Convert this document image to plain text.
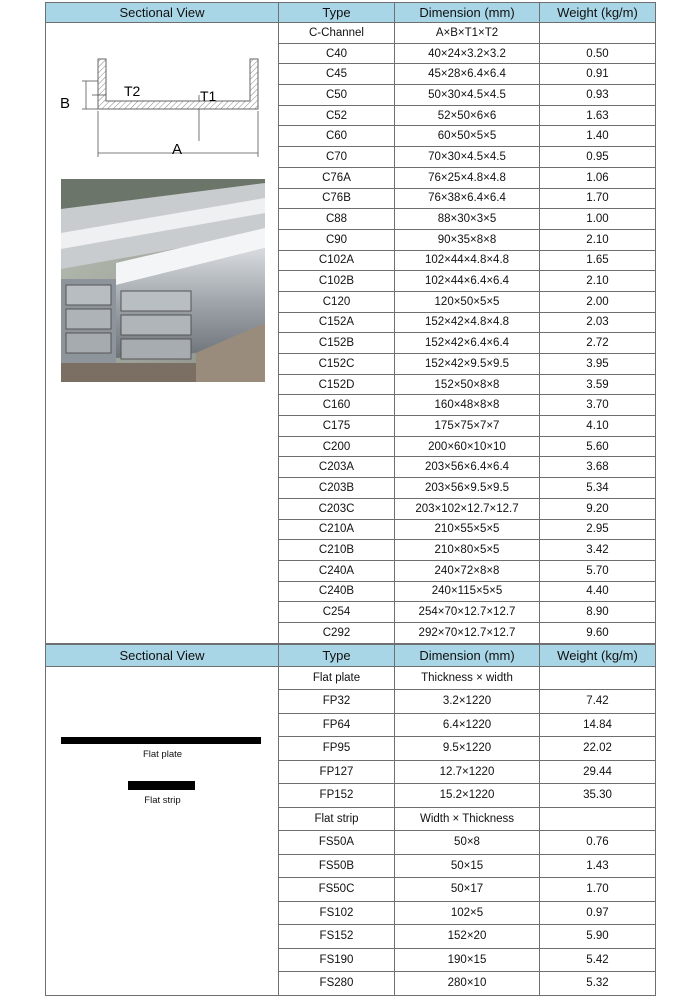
Sectional View	Type	Dimension (mm)	Weight (kg/m)

B
T2 T1
A	C-Channel	A×B×T1×T2	
	C40	40×24×3.2×3.2	0.50
	C45	45×28×6.4×6.4	0.91
	C50	50×30×4.5×4.5	0.93
	C52	52×50×6×6	1.63
	C60	60×50×5×5	1.40
	C70	70×30×4.5×4.5	0.95
	C76A	76×25×4.8×4.8	1.06
	C76B	76×38×6.4×6.4	1.70
	C88	88×30×3×5	1.00
	C90	90×35×8×8	2.10
	C102A	102×44×4.8×4.8	1.65
	C102B	102×44×6.4×6.4	2.10
	C120	120×50×5×5	2.00
	C152A	152×42×4.8×4.8	2.03
	C152B	152×42×6.4×6.4	2.72
	C152C	152×42×9.5×9.5	3.95
	C152D	152×50×8×8	3.59
	C160	160×48×8×8	3.70
	C175	175×75×7×7	4.10
	C200	200×60×10×10	5.60
	C203A	203×56×6.4×6.4	3.68
	C203B	203×56×9.5×9.5	5.34
	C203C	203×102×12.7×12.7	9.20
	C210A	210×55×5×5	2.95
	C210B	210×80×5×5	3.42
	C240A	240×72×8×8	5.70
	C240B	240×115×5×5	4.40
	C254	254×70×12.7×12.7	8.90
	C292	292×70×12.7×12.7	9.60
Sectional View	Type	Dimension (mm)	Weight (kg/m)

Flat plate
Flat strip	Flat plate	Thickness × width	
	FP32	3.2×1220	7.42
	FP64	6.4×1220	14.84
	FP95	9.5×1220	22.02
	FP127	12.7×1220	29.44
	FP152	15.2×1220	35.30
	Flat strip	Width × Thickness	
	FS50A	50×8	0.76
	FS50B	50×15	1.43
	FS50C	50×17	1.70
	FS102	102×5	0.97
	FS152	152×20	5.90
	FS190	190×15	5.42
	FS280	280×10	5.32
